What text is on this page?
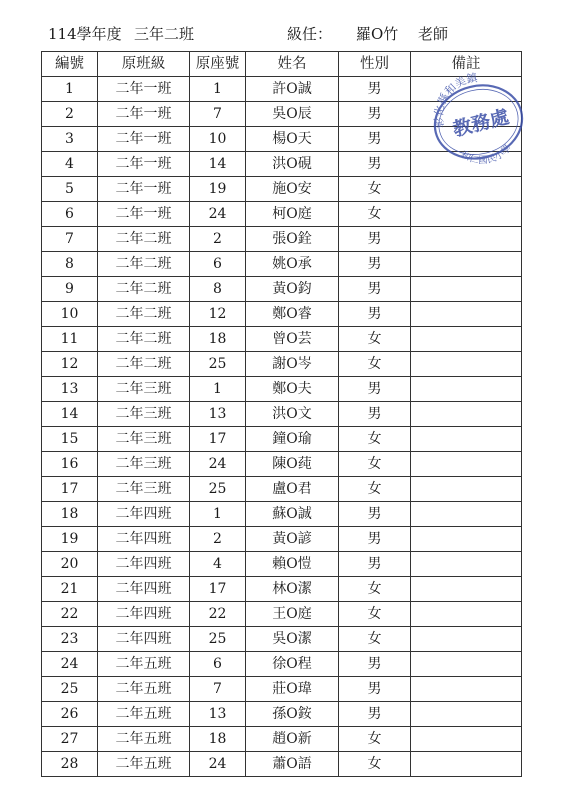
114學年度 三年二班	級任： 羅O竹 老師
編號	原班級	原座號	姓名	性別	備註
1	二年一班	1	許O誠	男	
2	二年一班	7	吳O辰	男	
3	二年一班	10	楊O天	男	
4	二年一班	14	洪O硯	男	
5	二年一班	19	施O安	女	
6	二年一班	24	柯O庭	女	
7	二年二班	2	張O銓	男	
8	二年二班	6	姚O承	男	
9	二年二班	8	黃O鈞	男	
10	二年二班	12	鄭O睿	男	
11	二年二班	18	曾O芸	女	
12	二年二班	25	謝O岑	女	
13	二年三班	1	鄭O夫	男	
14	二年三班	13	洪O文	男	
15	二年三班	17	鐘O瑜	女	
16	二年三班	24	陳O莼	女	
17	二年三班	25	盧O君	女	
18	二年四班	1	蘇O誠	男	
19	二年四班	2	黃O諺	男	
20	二年四班	4	賴O愷	男	
21	二年四班	17	林O潔	女	
22	二年四班	22	王O庭	女	
23	二年四班	25	吳O潔	女	
24	二年五班	6	徐O程	男	
25	二年五班	7	莊O瑋	男	
26	二年五班	13	孫O銨	男	
27	二年五班	18	趙O新	女	
28	二年五班	24	蕭O語	女	
彰化縣和美鎮
教務處
和仁國民小學
